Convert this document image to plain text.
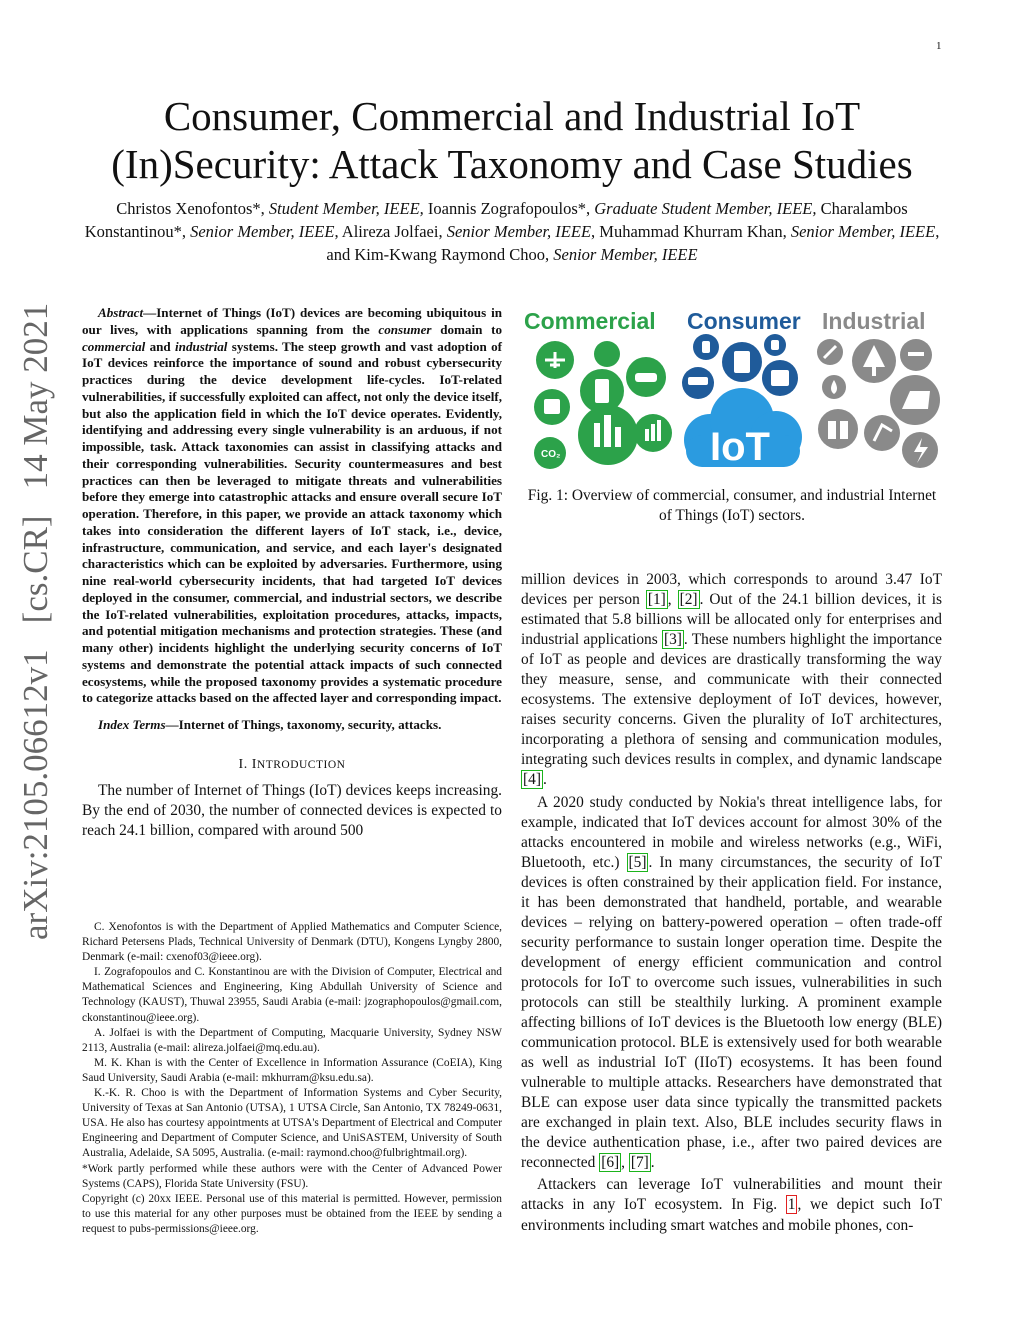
1
Consumer, Commercial and Industrial IoT (In)Security: Attack Taxonomy and Case Studies
Christos Xenofontos*, Student Member, IEEE, Ioannis Zografopoulos*, Graduate Student Member, IEEE, Charalambos Konstantinou*, Senior Member, IEEE, Alireza Jolfaei, Senior Member, IEEE, Muhammad Khurram Khan, Senior Member, IEEE, and Kim-Kwang Raymond Choo, Senior Member, IEEE
arXiv:2105.06612v1[cs.CR]14 May 2021	Abstract—Internet of Things (IoT) devices are becoming ubiquitous in our lives, with applications spanning from the consumer domain to commercial and industrial systems. The steep growth and vast adoption of IoT devices reinforce the importance of sound and robust cybersecurity practices during the device development life-cycles. IoT-related vulnerabilities, if successfully exploited can affect, not only the device itself, but also the application field in which the IoT device operates. Evidently, identifying and addressing every single vulnerability is an arduous, if not impossible, task. Attack taxonomies can assist in classifying attacks and their corresponding vulnerabilities. Security countermeasures and best practices can then be leveraged to mitigate threats and vulnerabilities before they emerge into catastrophic attacks and ensure overall secure IoT operation. Therefore, in this paper, we provide an attack taxonomy which takes into consideration the different layers of IoT stack, i.e., device, infrastructure, communication, and service, and each layer's designated characteristics which can be exploited by adversaries. Furthermore, using nine real-world cybersecurity incidents, that had targeted IoT devices deployed in the consumer, commercial, and industrial sectors, we describe the IoT-related vulnerabilities, exploitation procedures, attacks, impacts, and potential mitigation mechanisms and protection strategies. These (and many other) incidents highlight the underlying security concerns of IoT systems and demonstrate the potential attack impacts of such connected ecosystems, while the proposed taxonomy provides a systematic procedure to categorize attacks based on the affected layer and corresponding impact.

Index Terms—Internet of Things, taxonomy, security, attacks.

I. INTRODUCTION

The number of Internet of Things (IoT) devices keeps increasing. By the end of 2030, the number of connected devices is expected to reach 24.1 billion, compared with around 500

C. Xenofontos is with the Department of Applied Mathematics and Computer Science, Richard Petersens Plads, Technical University of Denmark (DTU), Kongens Lyngby 2800, Denmark (e-mail: cxenof03@ieee.org).

I. Zografopoulos and C. Konstantinou are with the Division of Computer, Electrical and Mathematical Sciences and Engineering, King Abdullah University of Science and Technology (KAUST), Thuwal 23955, Saudi Arabia (e-mail: jzographopoulos@gmail.com, ckonstantinou@ieee.org).

A. Jolfaei is with the Department of Computing, Macquarie University, Sydney NSW 2113, Australia (e-mail: alireza.jolfaei@mq.edu.au).

M. K. Khan is with the Center of Excellence in Information Assurance (CoEIA), King Saud University, Saudi Arabia (e-mail: mkhurram@ksu.edu.sa).

K.-K. R. Choo is with the Department of Information Systems and Cyber Security, University of Texas at San Antonio (UTSA), 1 UTSA Circle, San Antonio, TX 78249-0631, USA. He also has courtesy appointments at UTSA's Department of Electrical and Computer Engineering and Department of Computer Science, and UniSASTEM, University of South Australia, Adelaide, SA 5095, Australia. (e-mail: raymond.choo@fulbrightmail.org).

*Work partly performed while these authors were with the Center of Advanced Power Systems (CAPS), Florida State University (FSU).

Copyright (c) 20xx IEEE. Personal use of this material is permitted. However, permission to use this material for any other purposes must be obtained from the IEEE by sending a request to pubs-permissions@ieee.org.

Commercial Consumer Industrial
CO₂	IoT
Fig. 1: Overview of commercial, consumer, and industrial Internet of Things (IoT) sectors.

million devices in 2003, which corresponds to around 3.47 IoT devices per person [1] , [2] . Out of the 24.1 billion devices, it is estimated that 5.8 billions will be allocated only for enterprises and industrial applications [3] . These numbers highlight the importance of IoT as people and devices are drastically transforming the way they measure, sense, and communicate with their connected ecosystems. The extensive deployment of IoT devices, however, raises security concerns. Given the plurality of IoT architectures, incorporating a plethora of sensing and communication modules, integrating such devices results in complex, and dynamic landscape [4] .

A 2020 study conducted by Nokia's threat intelligence labs, for example, indicated that IoT devices account for almost 30% of the attacks encountered in mobile and wireless networks (e.g., WiFi, Bluetooth, etc.) [5] . In many circumstances, the security of IoT devices is often constrained by their application field. For instance, it has been demonstrated that handheld, portable, and wearable devices – relying on battery-powered operation – often trade-off security performance to sustain longer operation time. Despite the development of energy efficient communication and control protocols for IoT to overcome such issues, vulnerabilities in such protocols can still be stealthily lurking. A prominent example affecting billions of IoT devices is the Bluetooth low energy (BLE) communication protocol. BLE is extensively used for both wearable as well as industrial IoT (IIoT) ecosystems. It has been found vulnerable to multiple attacks. Researchers have demonstrated that BLE can expose user data since typically the transmitted packets are exchanged in plain text. Also, BLE includes security flaws in the device authentication phase, i.e., after two paired devices are reconnected [6] , [7] .

Attackers can leverage IoT vulnerabilities and mount their attacks in any IoT ecosystem. In Fig. 1 , we depict such IoT environments including smart watches and mobile phones, con-
